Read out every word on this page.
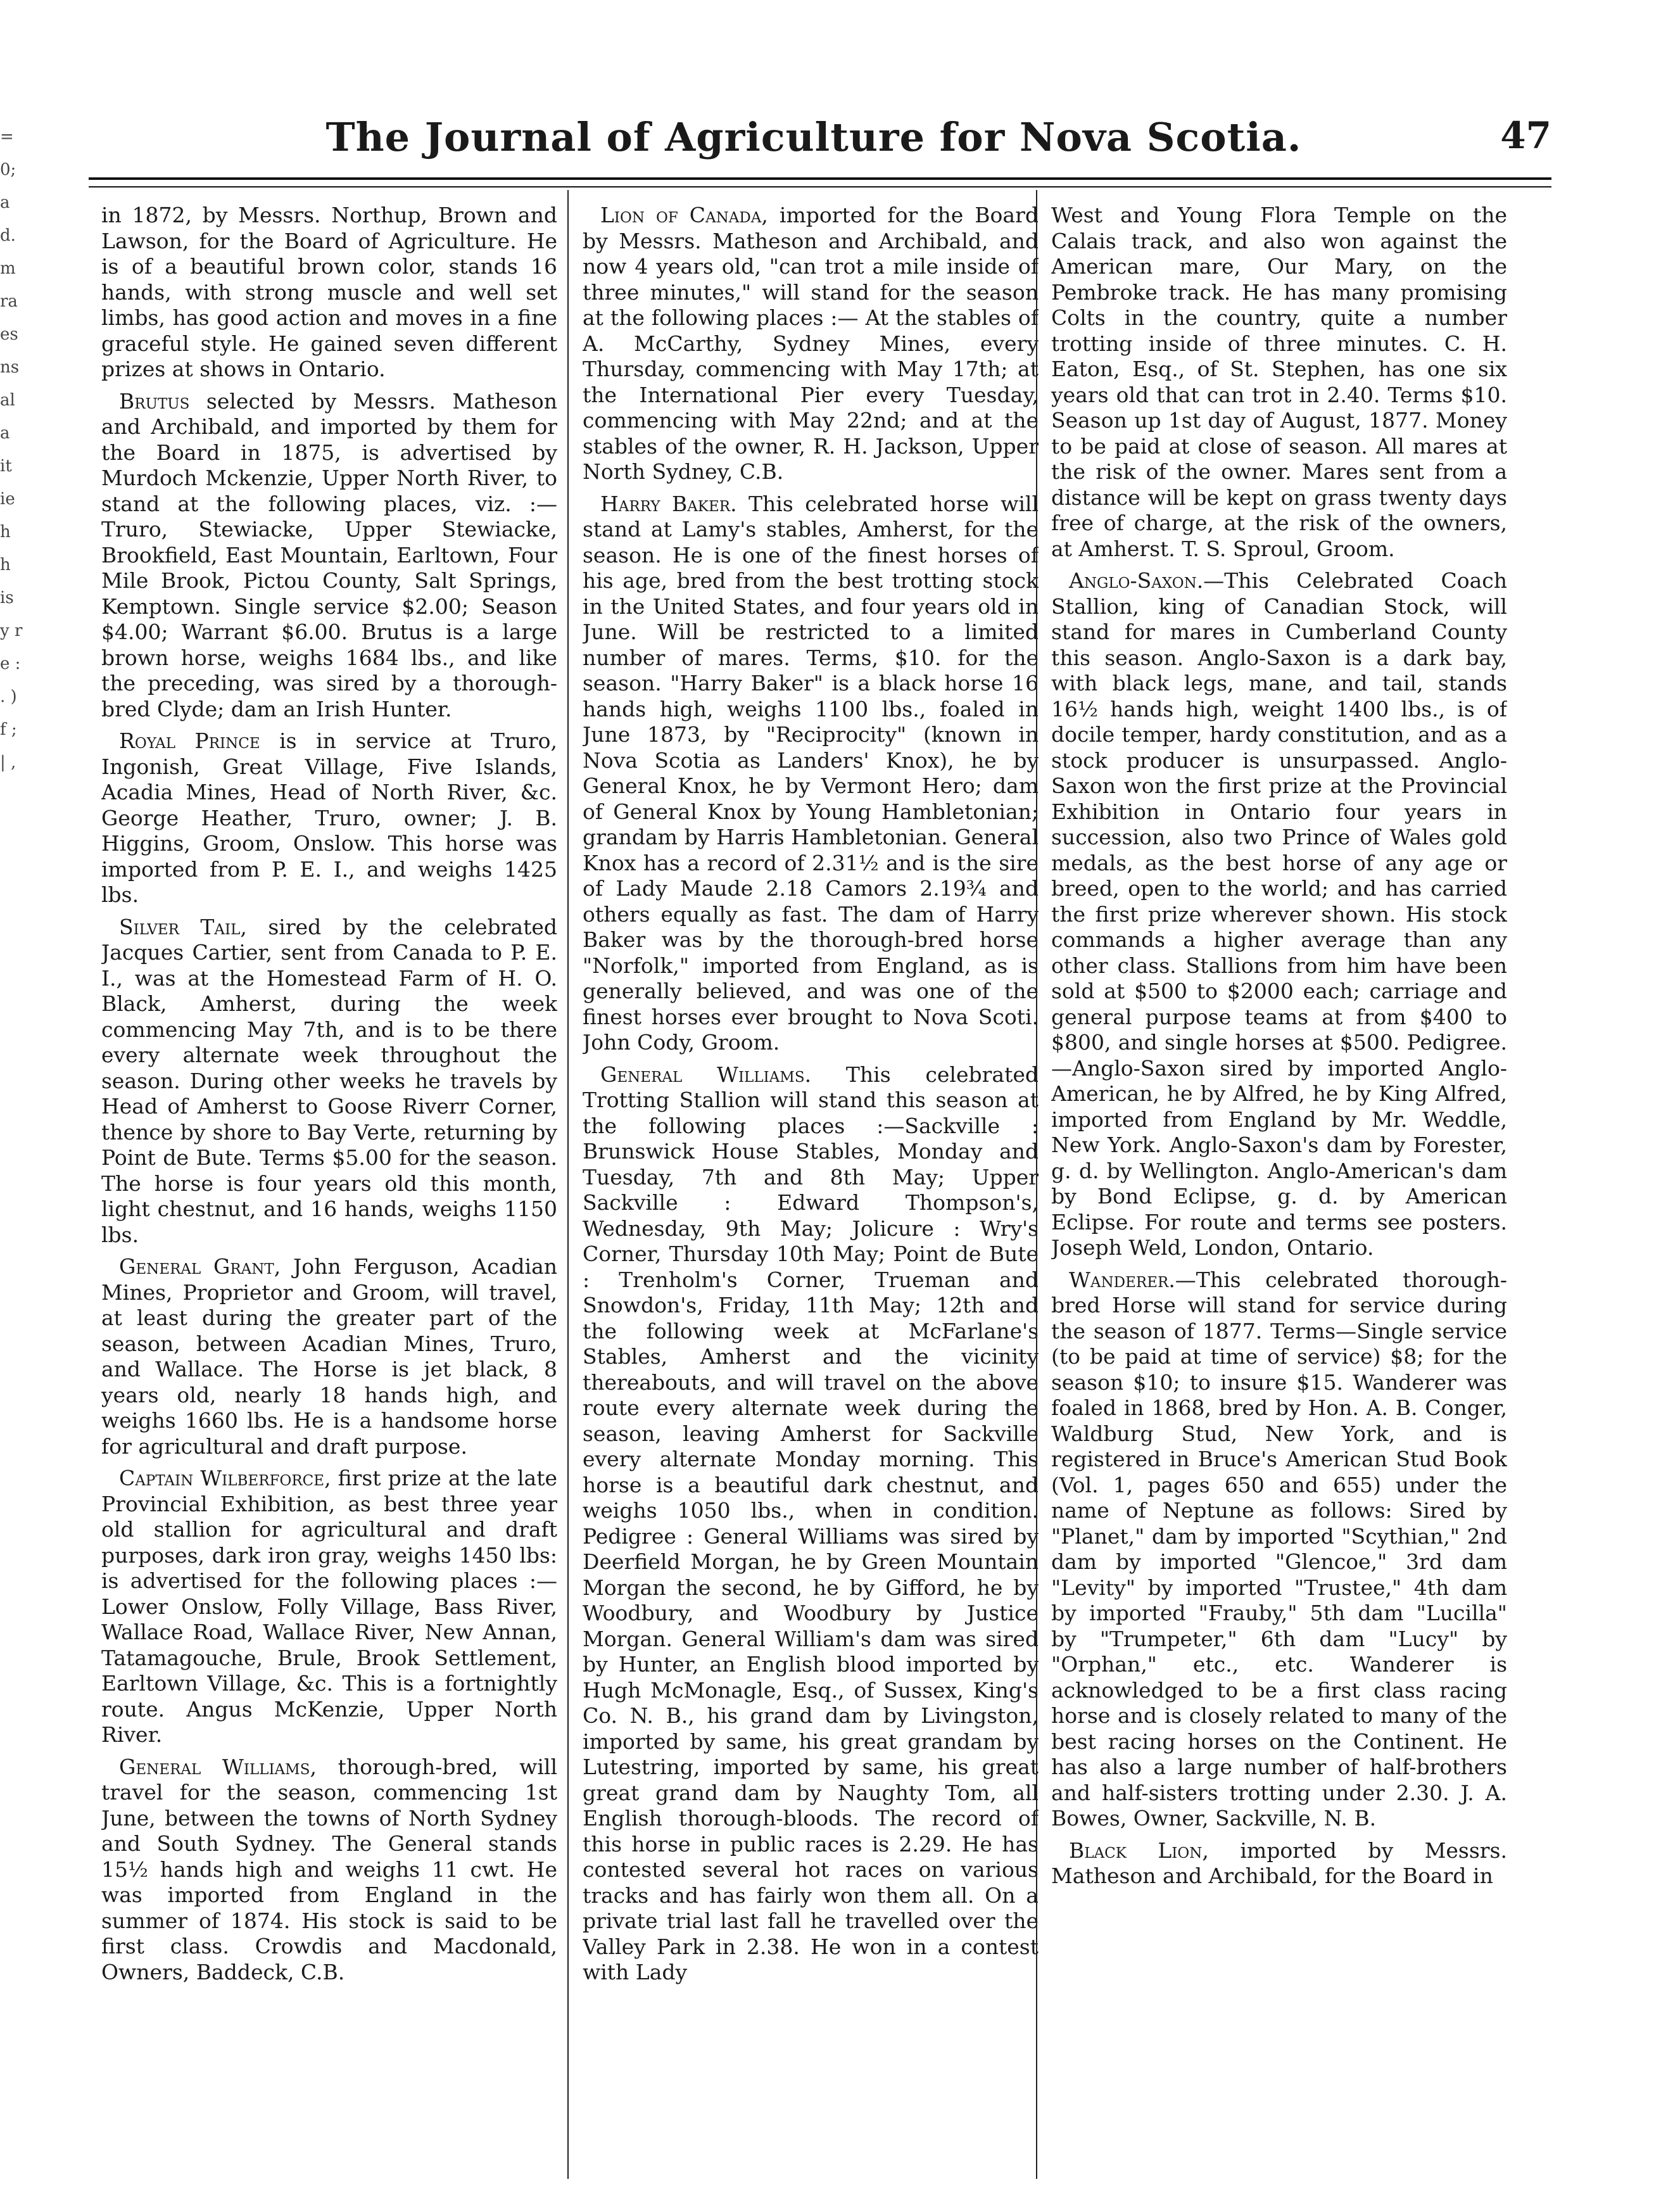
The Journal of Agriculture for Nova Scotia.	47
= 0; a d. m ra es ns al a it ie h h is y r e : . ) f ; | ,

in 1872, by Messrs. Northup, Brown and Lawson, for the Board of Agriculture. He is of a beautiful brown color, stands 16 hands, with strong muscle and well set limbs, has good action and moves in a fine graceful style. He gained seven different prizes at shows in Ontario.

Brutus selected by Messrs. Matheson and Archibald, and imported by them for the Board in 1875, is advertised by Murdoch Mckenzie, Upper North River, to stand at the following places, viz. :— Truro, Stewiacke, Upper Stewiacke, Brookfield, East Mountain, Earltown, Four Mile Brook, Pictou County, Salt Springs, Kemptown. Single service $2.00; Season $4.00; Warrant $6.00. Brutus is a large brown horse, weighs 1684 lbs., and like the preceding, was sired by a thorough-bred Clyde; dam an Irish Hunter.

Royal Prince is in service at Truro, Ingonish, Great Village, Five Islands, Acadia Mines, Head of North River, &c. George Heather, Truro, owner; J. B. Higgins, Groom, Onslow. This horse was imported from P. E. I., and weighs 1425 lbs.

Silver Tail, sired by the celebrated Jacques Cartier, sent from Canada to P. E. I., was at the Homestead Farm of H. O. Black, Amherst, during the week commencing May 7th, and is to be there every alternate week throughout the season. During other weeks he travels by Head of Amherst to Goose Riverr Corner, thence by shore to Bay Verte, returning by Point de Bute. Terms $5.00 for the season. The horse is four years old this month, light chestnut, and 16 hands, weighs 1150 lbs.

General Grant, John Ferguson, Acadian Mines, Proprietor and Groom, will travel, at least during the greater part of the season, between Acadian Mines, Truro, and Wallace. The Horse is jet black, 8 years old, nearly 18 hands high, and weighs 1660 lbs. He is a handsome horse for agricultural and draft purpose.

Captain Wilberforce, first prize at the late Provincial Exhibition, as best three year old stallion for agricultural and draft purposes, dark iron gray, weighs 1450 lbs: is advertised for the following places :—Lower Onslow, Folly Village, Bass River, Wallace Road, Wallace River, New Annan, Tatamagouche, Brule, Brook Settlement, Earltown Village, &c. This is a fortnightly route. Angus McKenzie, Upper North River.

General Williams, thorough-bred, will travel for the season, commencing 1st June, between the towns of North Sydney and South Sydney. The General stands 15½ hands high and weighs 11 cwt. He was imported from England in the summer of 1874. His stock is said to be first class. Crowdis and Macdonald, Owners, Baddeck, C.B.

Lion of Canada, imported for the Board by Messrs. Matheson and Archibald, and now 4 years old, "can trot a mile inside of three minutes," will stand for the season at the following places :— At the stables of A. McCarthy, Sydney Mines, every Thursday, commencing with May 17th; at the International Pier every Tuesday, commencing with May 22nd; and at the stables of the owner, R. H. Jackson, Upper North Sydney, C.B.

Harry Baker. This celebrated horse will stand at Lamy's stables, Amherst, for the season. He is one of the finest horses of his age, bred from the best trotting stock in the United States, and four years old in June. Will be restricted to a limited number of mares. Terms, $10. for the season. "Harry Baker" is a black horse 16 hands high, weighs 1100 lbs., foaled in June 1873, by "Reciprocity" (known in Nova Scotia as Landers' Knox), he by General Knox, he by Vermont Hero; dam of General Knox by Young Hambletonian; grandam by Harris Hambletonian. General Knox has a record of 2.31½ and is the sire of Lady Maude 2.18 Camors 2.19¾ and others equally as fast. The dam of Harry Baker was by the thorough-bred horse "Norfolk," imported from England, as is generally believed, and was one of the finest horses ever brought to Nova Scoti. John Cody, Groom.

General Williams. This celebrated Trotting Stallion will stand this season at the following places :—Sackville : Brunswick House Stables, Monday and Tuesday, 7th and 8th May; Upper Sackville : Edward Thompson's, Wednesday, 9th May; Jolicure : Wry's Corner, Thursday 10th May; Point de Bute : Trenholm's Corner, Trueman and Snowdon's, Friday, 11th May; 12th and the following week at McFarlane's Stables, Amherst and the vicinity thereabouts, and will travel on the above route every alternate week during the season, leaving Amherst for Sackville every alternate Monday morning. This horse is a beautiful dark chestnut, and weighs 1050 lbs., when in condition. Pedigree : General Williams was sired by Deerfield Morgan, he by Green Mountain Morgan the second, he by Gifford, he by Woodbury, and Woodbury by Justice Morgan. General William's dam was sired by Hunter, an English blood imported by Hugh McMonagle, Esq., of Sussex, King's Co. N. B., his grand dam by Livingston, imported by same, his great grandam by Lutestring, imported by same, his great great grand dam by Naughty Tom, all English thorough-bloods. The record of this horse in public races is 2.29. He has contested several hot races on various tracks and has fairly won them all. On a private trial last fall he travelled over the Valley Park in 2.38. He won in a contest with Lady

West and Young Flora Temple on the Calais track, and also won against the American mare, Our Mary, on the Pembroke track. He has many promising Colts in the country, quite a number trotting inside of three minutes. C. H. Eaton, Esq., of St. Stephen, has one six years old that can trot in 2.40. Terms $10. Season up 1st day of August, 1877. Money to be paid at close of season. All mares at the risk of the owner. Mares sent from a distance will be kept on grass twenty days free of charge, at the risk of the owners, at Amherst. T. S. Sproul, Groom.

Anglo-Saxon.—This Celebrated Coach Stallion, king of Canadian Stock, will stand for mares in Cumberland County this season. Anglo-Saxon is a dark bay, with black legs, mane, and tail, stands 16½ hands high, weight 1400 lbs., is of docile temper, hardy constitution, and as a stock producer is unsurpassed. Anglo-Saxon won the first prize at the Provincial Exhibition in Ontario four years in succession, also two Prince of Wales gold medals, as the best horse of any age or breed, open to the world; and has carried the first prize wherever shown. His stock commands a higher average than any other class. Stallions from him have been sold at $500 to $2000 each; carriage and general purpose teams at from $400 to $800, and single horses at $500. Pedigree.—Anglo-Saxon sired by imported Anglo-American, he by Alfred, he by King Alfred, imported from England by Mr. Weddle, New York. Anglo-Saxon's dam by Forester, g. d. by Wellington. Anglo-American's dam by Bond Eclipse, g. d. by American Eclipse. For route and terms see posters. Joseph Weld, London, Ontario.

Wanderer.—This celebrated thorough-bred Horse will stand for service during the season of 1877. Terms—Single service (to be paid at time of service) $8; for the season $10; to insure $15. Wanderer was foaled in 1868, bred by Hon. A. B. Conger, Waldburg Stud, New York, and is registered in Bruce's American Stud Book (Vol. 1, pages 650 and 655) under the name of Neptune as follows: Sired by "Planet," dam by imported "Scythian," 2nd dam by imported "Glencoe," 3rd dam "Levity" by imported "Trustee," 4th dam by imported "Frauby," 5th dam "Lucilla" by "Trumpeter," 6th dam "Lucy" by "Orphan," etc., etc. Wanderer is acknowledged to be a first class racing horse and is closely related to many of the best racing horses on the Continent. He has also a large number of half-brothers and half-sisters trotting under 2.30. J. A. Bowes, Owner, Sackville, N. B.

Black Lion, imported by Messrs. Matheson and Archibald, for the Board in
